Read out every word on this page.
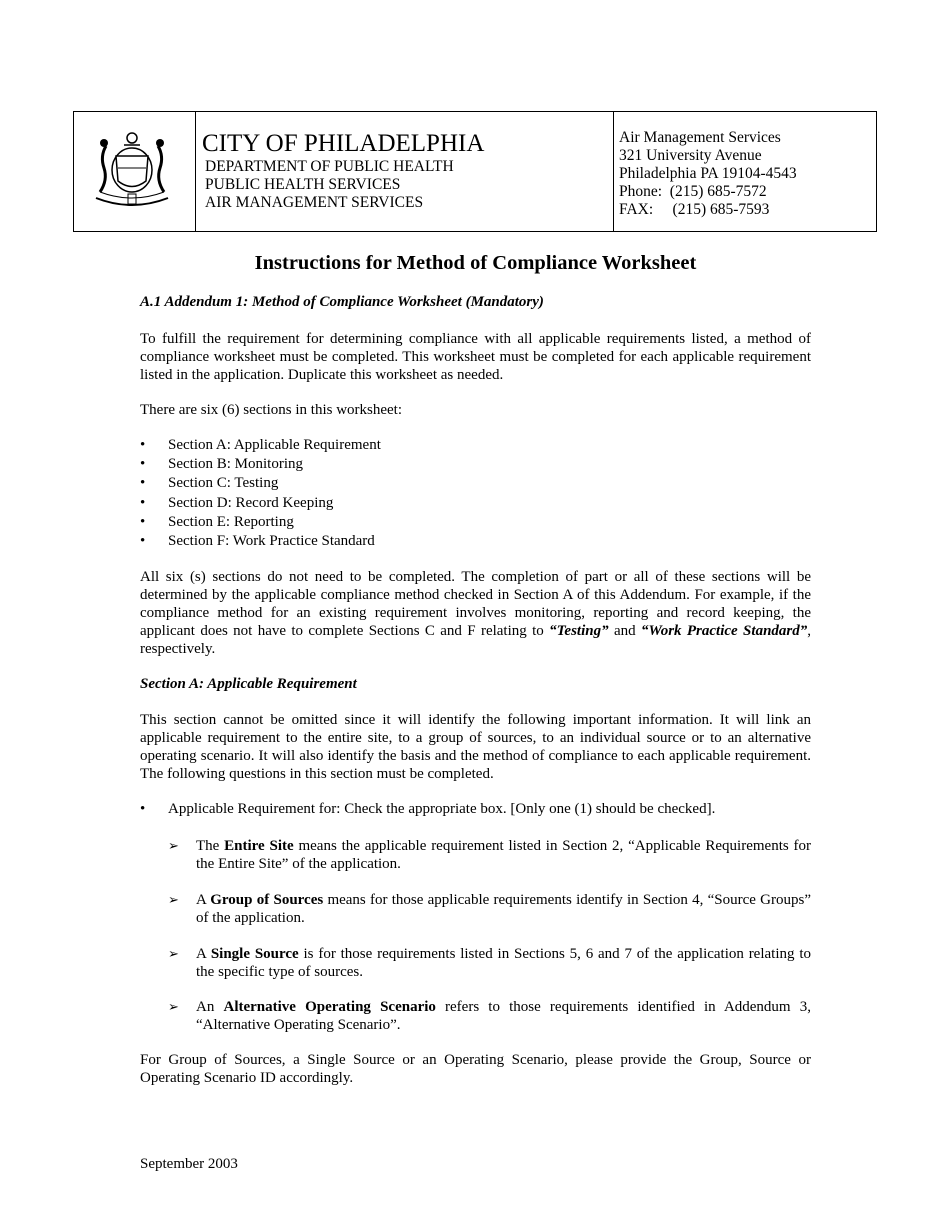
CITY OF PHILADELPHIA
DEPARTMENT OF PUBLIC HEALTH
PUBLIC HEALTH SERVICES
AIR MANAGEMENT SERVICES
Air Management Services
321 University Avenue
Philadelphia PA 19104-4543
Phone:  (215) 685-7572
FAX:     (215) 685-7593
Instructions for Method of Compliance Worksheet
A.1 Addendum 1: Method of Compliance Worksheet (Mandatory)
To fulfill the requirement for determining compliance with all applicable requirements listed, a method of compliance worksheet must be completed. This worksheet must be completed for each applicable requirement listed in the application. Duplicate this worksheet as needed.
There are six (6) sections in this worksheet:
• Section A: Applicable Requirement
• Section B: Monitoring
• Section C: Testing
• Section D: Record Keeping
• Section E: Reporting
• Section F: Work Practice Standard
All six (s) sections do not need to be completed. The completion of part or all of these sections will be determined by the applicable compliance method checked in Section A of this Addendum. For example, if the compliance method for an existing requirement involves monitoring, reporting and record keeping, the applicant does not have to complete Sections C and F relating to “Testing” and “Work Practice Standard”, respectively.
Section A: Applicable Requirement
This section cannot be omitted since it will identify the following important information. It will link an applicable requirement to the entire site, to a group of sources, to an individual source or to an alternative operating scenario. It will also identify the basis and the method of compliance to each applicable requirement. The following questions in this section must be completed.
•	Applicable Requirement for: Check the appropriate box. [Only one (1) should be checked].
➢	The Entire Site means the applicable requirement listed in Section 2, “Applicable Requirements for the Entire Site” of the application.
➢	A Group of Sources means for those applicable requirements identify in Section 4, “Source Groups” of the application.
➢	A Single Source is for those requirements listed in Sections 5, 6 and 7 of the application relating to the specific type of sources.
➢	An Alternative Operating Scenario refers to those requirements identified in Addendum 3, “Alternative Operating Scenario”.
For Group of Sources, a Single Source or an Operating Scenario, please provide the Group, Source or Operating Scenario ID accordingly.
September 2003
